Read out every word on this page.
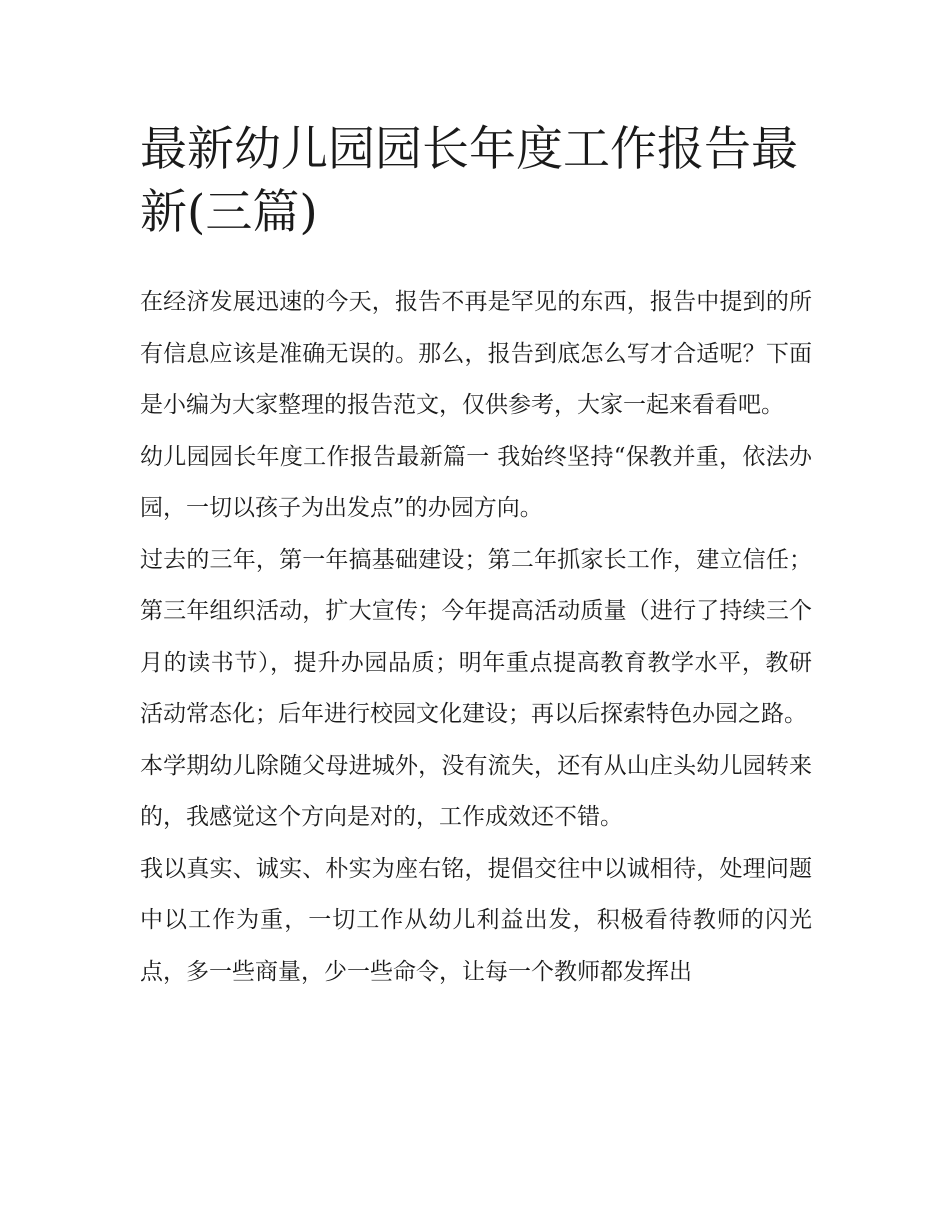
最新幼儿园园长年度工作报告最新(三篇)

在经济发展迅速的今天，报告不再是罕见的东西，报告中提到的所有信息应该是准确无误的。那么，报告到底怎么写才合适呢？下面是小编为大家整理的报告范文，仅供参考，大家一起来看看吧。

幼儿园园长年度工作报告最新篇一 我始终坚持“保教并重，依法办园，一切以孩子为出发点”的办园方向。

过去的三年，第一年搞基础建设；第二年抓家长工作，建立信任；第三年组织活动，扩大宣传；今年提高活动质量（进行了持续三个月的读书节），提升办园品质；明年重点提高教育教学水平，教研活动常态化；后年进行校园文化建设；再以后探索特色办园之路。

本学期幼儿除随父母进城外，没有流失，还有从山庄头幼儿园转来的，我感觉这个方向是对的，工作成效还不错。

我以真实、诚实、朴实为座右铭，提倡交往中以诚相待，处理问题中以工作为重，一切工作从幼儿利益出发，积极看待教师的闪光点，多一些商量，少一些命令，让每一个教师都发挥出
